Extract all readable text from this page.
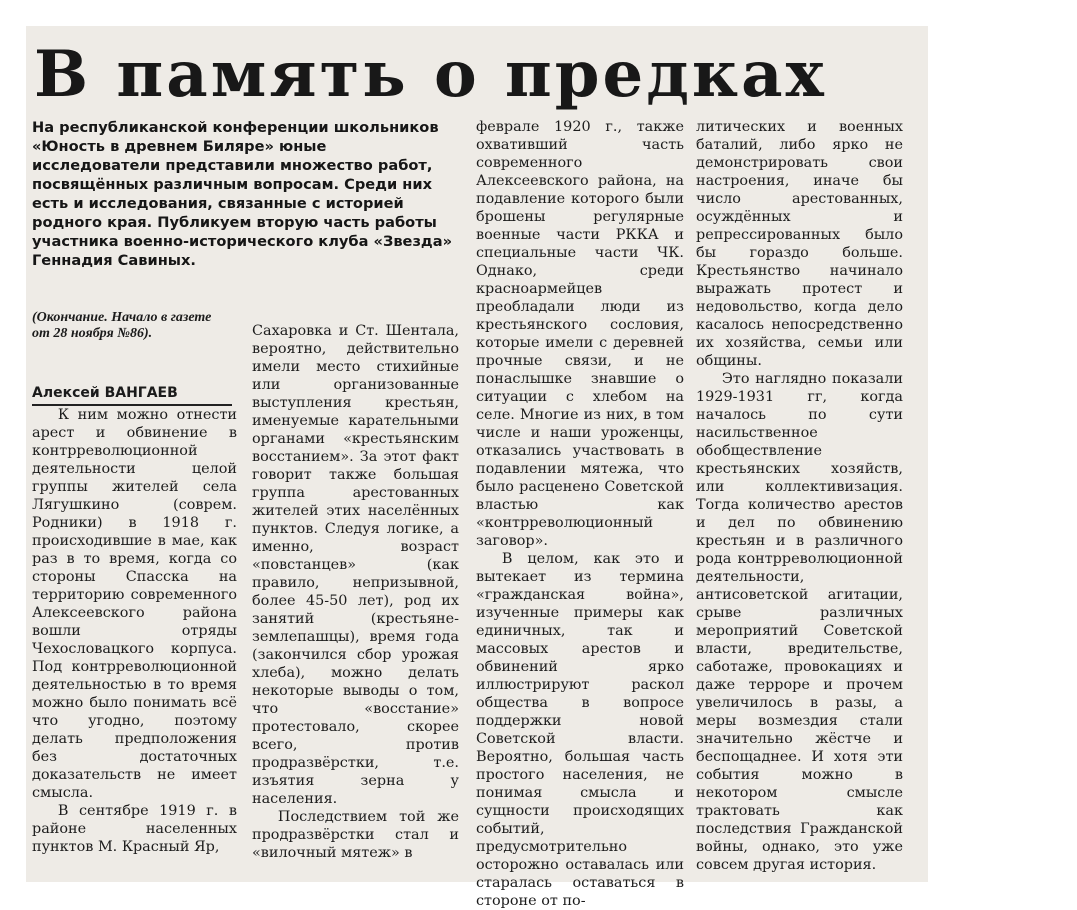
В память о предках
На республиканской конференции школьников «Юность в древнем Биляре» юные исследователи представили множество работ, посвящённых различным вопросам. Среди них есть и исследования, связанные с историей родного края. Публикуем вторую часть работы участника военно-исторического клуба «Звезда» Геннадия Савиных.
(Окончание. Начало в газете от 28 ноября №86).
Алексей ВАНГАЕВ

К ним можно отнести арест и обвинение в контрреволюционной деятельности целой группы жителей села Лягушкино (соврем. Родники) в 1918 г. происходившие в мае, как раз в то время, когда со стороны Спасска на территорию современного Алексеевского района вошли отряды Чехословацкого корпуса. Под контрреволюционной деятельностью в то время можно было понимать всё что угодно, поэтому делать предположения без достаточных доказательств не имеет смысла.

В сентябре 1919 г. в районе населенных пунктов М. Красный Яр,

Сахаровка и Ст. Шентала, вероятно, действительно имели место стихийные или организованные выступления крестьян, именуемые карательными органами «крестьянским восстанием». За этот факт говорит также большая группа арестованных жителей этих населённых пунктов. Следуя логике, а именно, возраст «повстанцев» (как правило, непризывной, более 45-50 лет), род их занятий (крестьяне-землепашцы), время года (закончился сбор урожая хлеба), можно делать некоторые выводы о том, что «восстание» протестовало, скорее всего, против продразвёрстки, т.е. изъятия зерна у населения.

Последствием той же продразвёрстки стал и «вилочный мятеж» в

феврале 1920 г., также охвативший часть современного Алексеевского района, на подавление которого были брошены регулярные военные части РККА и специальные части ЧК. Однако, среди красноармейцев преобладали люди из крестьянского сословия, которые имели с деревней прочные связи, и не понаслышке знавшие о ситуации с хлебом на селе. Многие из них, в том числе и наши уроженцы, отказались участвовать в подавлении мятежа, что было расценено Советской властью как «контрреволюционный заговор».

В целом, как это и вытекает из термина «гражданская война», изученные примеры как единичных, так и массовых арестов и обвинений ярко иллюстрируют раскол общества в вопросе поддержки новой Советской власти. Вероятно, большая часть простого населения, не понимая смысла и сущности происходящих событий, предусмотрительно осторожно оставалась или старалась оставаться в стороне от по-

литических и военных баталий, либо ярко не демонстрировать свои настроения, иначе бы число арестованных, осуждённых и репрессированных было бы гораздо больше. Крестьянство начинало выражать протест и недовольство, когда дело касалось непосредственно их хозяйства, семьи или общины.

Это наглядно показали 1929-1931 гг, когда началось по сути насильственное обобществление крестьянских хозяйств, или коллективизация. Тогда количество арестов и дел по обвинению крестьян и в различного рода контрреволюционной деятельности, антисоветской агитации, срыве различных мероприятий Советской власти, вредительстве, саботаже, провокациях и даже терроре и прочем увеличилось в разы, а меры возмездия стали значительно жёстче и беспощаднее. И хотя эти события можно в некотором смысле трактовать как последствия Гражданской войны, однако, это уже совсем другая история.
